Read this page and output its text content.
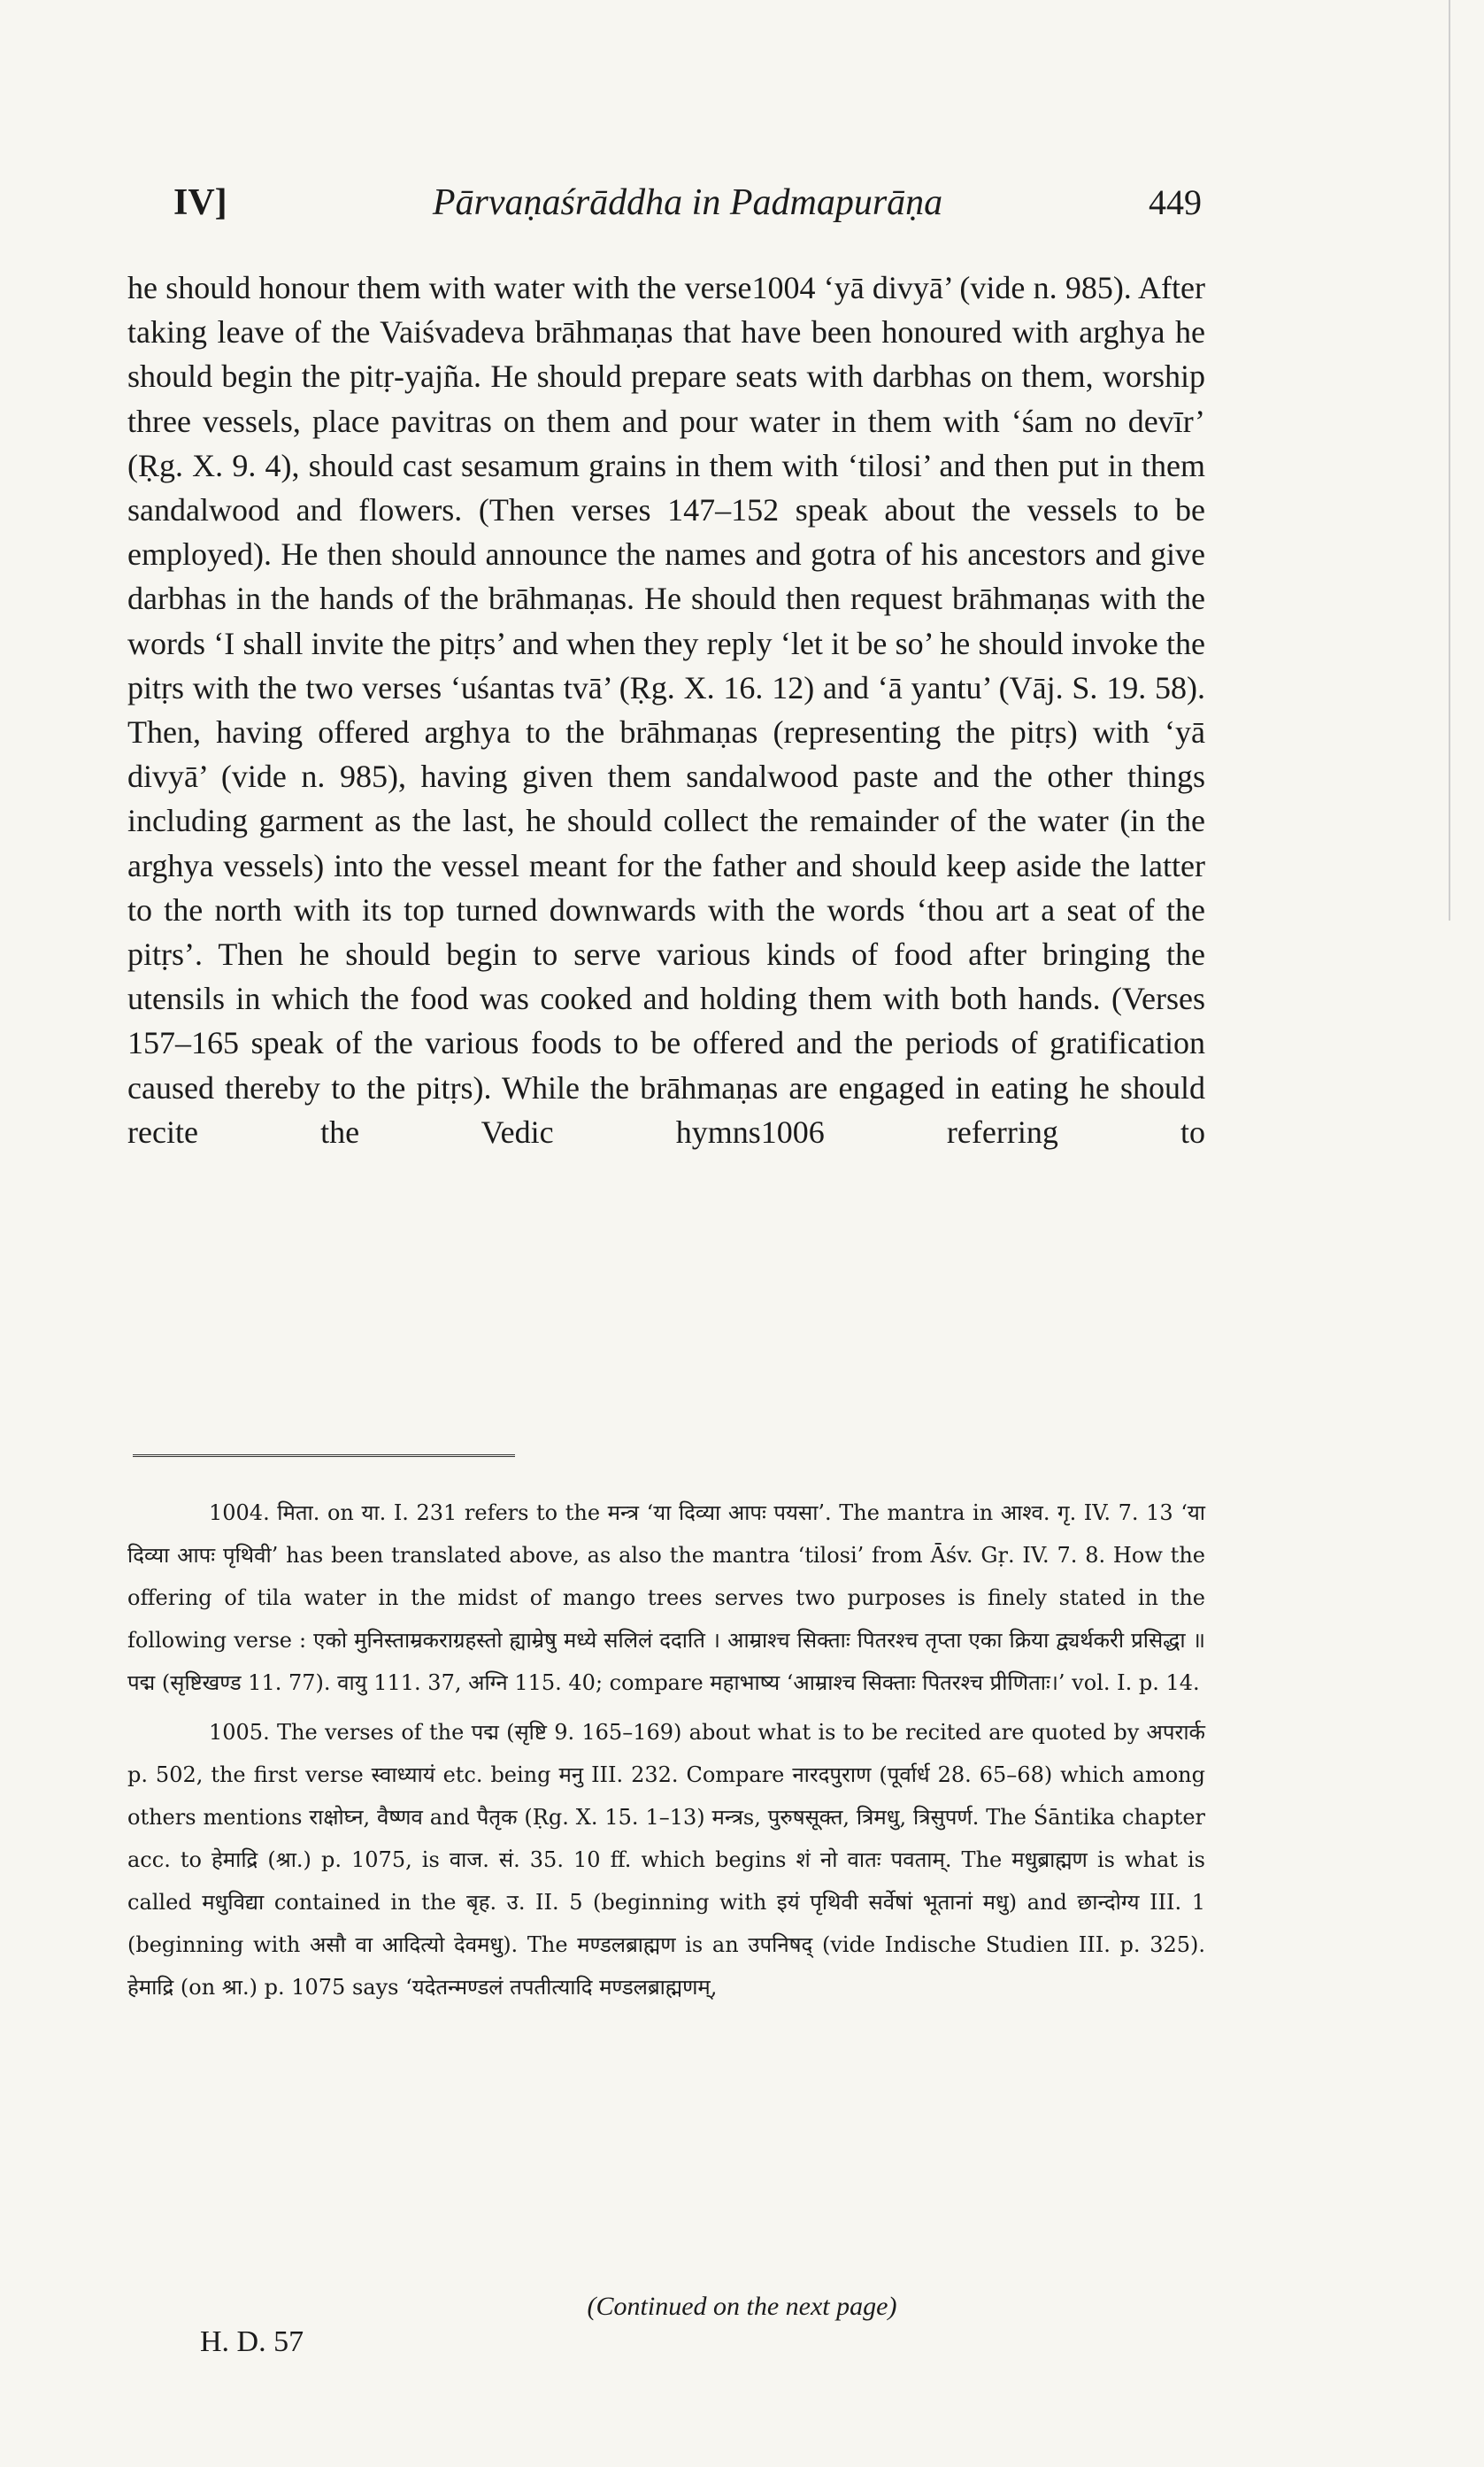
IV]	Pārvaṇaśrāddha in Padmapurāṇa	449

he should honour them with water with the verse1004 ‘yā divyā’ (vide n. 985). After taking leave of the Vaiśvadeva brāhmaṇas that have been honoured with arghya he should begin the pitṛ-yajña. He should prepare seats with darbhas on them, worship three vessels, place pavitras on them and pour water in them with ‘śam no devīr’ (Ṛg. X. 9. 4), should cast sesamum grains in them with ‘tilosi’ and then put in them sandalwood and flowers. (Then verses 147–152 speak about the vessels to be employed). He then should announce the names and gotra of his ancestors and give darbhas in the hands of the brāhmaṇas. He should then request brāhmaṇas with the words ‘I shall invite the pitṛs’ and when they reply ‘let it be so’ he should invoke the pitṛs with the two verses ‘uśantas tvā’ (Ṛg. X. 16. 12) and ‘ā yantu’ (Vāj. S. 19. 58). Then, having offered arghya to the brāhmaṇas (representing the pitṛs) with ‘yā divyā’ (vide n. 985), having given them sandalwood paste and the other things including garment as the last, he should collect the remainder of the water (in the arghya vessels) into the vessel meant for the father and should keep aside the latter to the north with its top turned downwards with the words ‘thou art a seat of the pitṛs’. Then he should begin to serve various kinds of food after bringing the utensils in which the food was cooked and holding them with both hands. (Verses 157–165 speak of the various foods to be offered and the periods of gratification caused thereby to the pitṛs). While the brāhmaṇas are engaged in eating he should recite the Vedic hymns1006 referring to

1004. मिता. on या. I. 231 refers to the मन्त्र ‘या दिव्या आपः पयसा’. The mantra in आश्व. गृ. IV. 7. 13 ‘या दिव्या आपः पृथिवी’ has been translated above, as also the mantra ‘tilosi’ from Āśv. Gṛ. IV. 7. 8. How the offering of tila water in the midst of mango trees serves two purposes is finely stated in the following verse : एको मुनिस्ताम्रकराग्रहस्तो ह्याम्रेषु मध्ये सलिलं ददाति । आम्राश्च सिक्ताः पितरश्च तृप्ता एका क्रिया द्व्यर्थकरी प्रसिद्धा ॥ पद्म (सृष्टिखण्ड 11. 77). वायु 111. 37, अग्नि 115. 40; compare महाभाष्य ‘आम्राश्च सिक्ताः पितरश्च प्रीणिताः।’ vol. I. p. 14.

1005. The verses of the पद्म (सृष्टि 9. 165–169) about what is to be recited are quoted by अपरार्क p. 502, the first verse स्वाध्यायं etc. being मनु III. 232. Compare नारदपुराण (पूर्वार्ध 28. 65–68) which among others mentions राक्षोघ्न, वैष्णव and पैतृक (Ṛg. X. 15. 1–13) मन्त्रs, पुरुषसूक्त, त्रिमधु, त्रिसुपर्ण. The Śāntika chapter acc. to हेमाद्रि (श्रा.) p. 1075, is वाज. सं. 35. 10 ff. which begins शं नो वातः पवताम्. The मधुब्राह्मण is what is called मधुविद्या contained in the बृह. उ. II. 5 (beginning with इयं पृथिवी सर्वेषां भूतानां मधु) and छान्दोग्य III. 1 (beginning with असौ वा आदित्यो देवमधु). The मण्डलब्राह्मण is an उपनिषद् (vide Indische Studien III. p. 325). हेमाद्रि (on श्रा.) p. 1075 says ‘यदेतन्मण्डलं तपतीत्यादि मण्डलब्राह्मणम्,

(Continued on the next page)
H. D. 57
